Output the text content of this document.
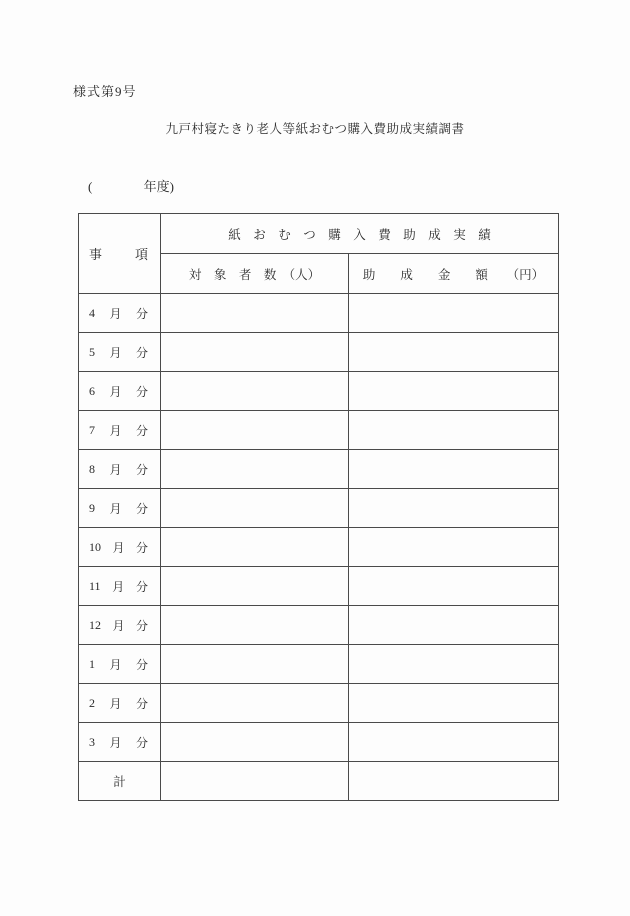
様式第9号
九戸村寝たきり老人等紙おむつ購入費助成実績調書
(	年度)
事 項	紙　お　む　つ　購　入　費　助　成　実　績	
	対　象　者　数　（人）	助　　成　　金　　額　　（円）

4 月 分		

5 月 分		

6 月 分		

7 月 分		

8 月 分		

9 月 分		

10 月 分		

11 月 分		

12 月 分		

1 月 分		

2 月 分		

3 月 分		

計		
